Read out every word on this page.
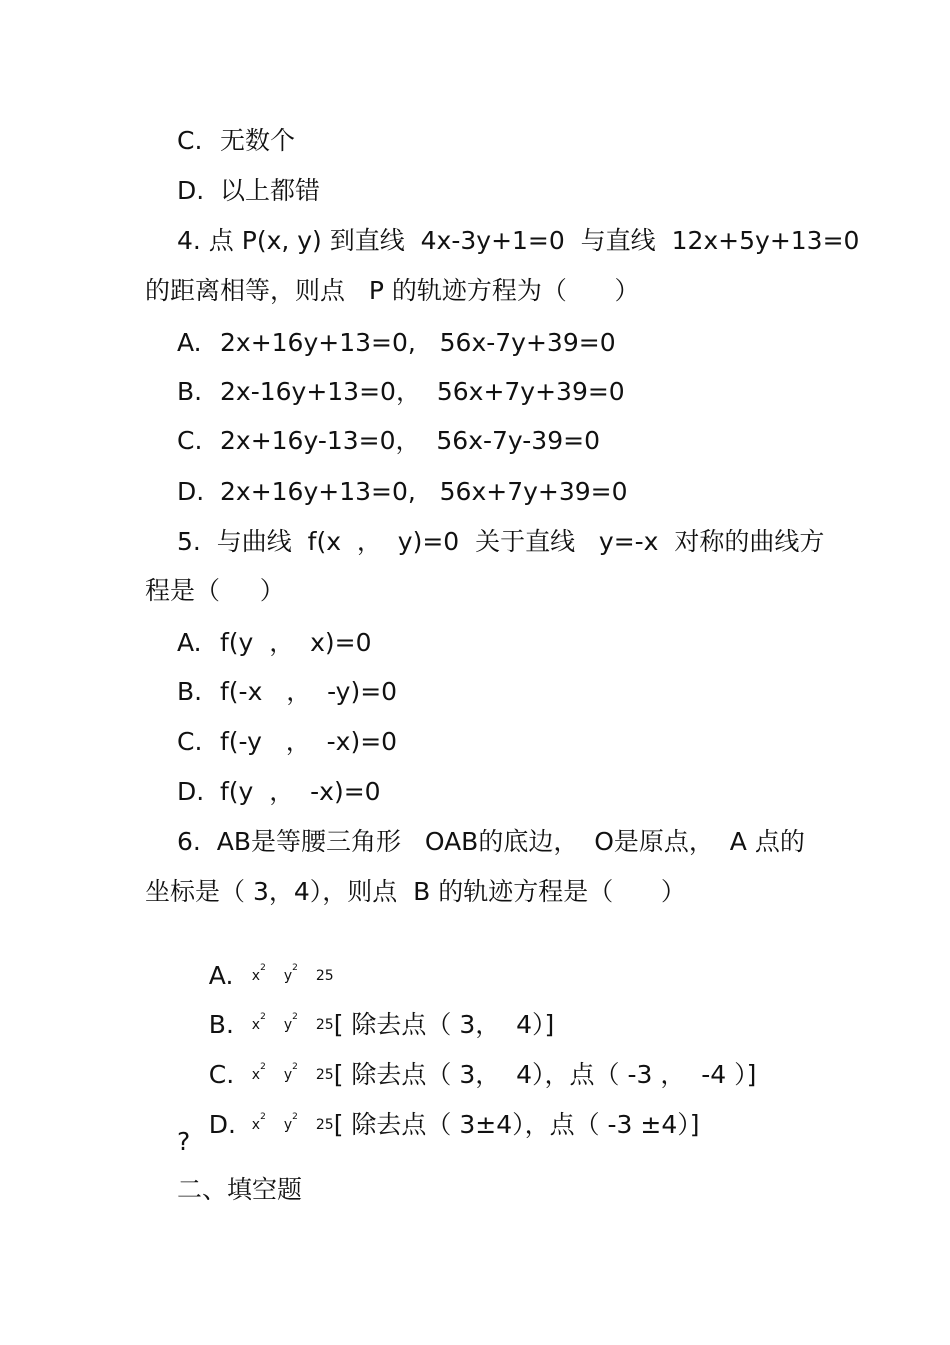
C. 无数个
D. 以上都错
4. 点 P(x, y) 到直线  4x-3y+1=0  与直线  12x+5y+13=0
的距离相等，则点   P 的轨迹方程为（      ）
A. 2x+16y+13=0,   56x-7y+39=0
B. 2x-16y+13=0，  56x+7y+39=0
C. 2x+16y-13=0，  56x-7y-39=0
D. 2x+16y+13=0,   56x+7y+39=0
5.  与曲线  f(x  ，  y)=0  关于直线   y=-x  对称的曲线方
程是（     ）
A. f(y  ，  x)=0
B. f(-x   ，  -y)=0
C. f(-y   ，  -x)=0
D. f(y  ，  -x)=0
6.  AB是等腰三角形   OAB的底边，  O是原点，  A 点的
坐标是（ 3，4），则点  B 的轨迹方程是（      ）

A. $x^2$ $y^2$ 25

B. $x^2$ $y^2$ 25[ 除去点（ 3，  4）]

C. $x^2$ $y^2$ 25[ 除去点（ 3，  4），点（ -3 ，  -4 ）]

D. $x^2$ $y^2$ 25[ 除去点（ 3±4），点（ -3 ±4）]

?
二、填空题
